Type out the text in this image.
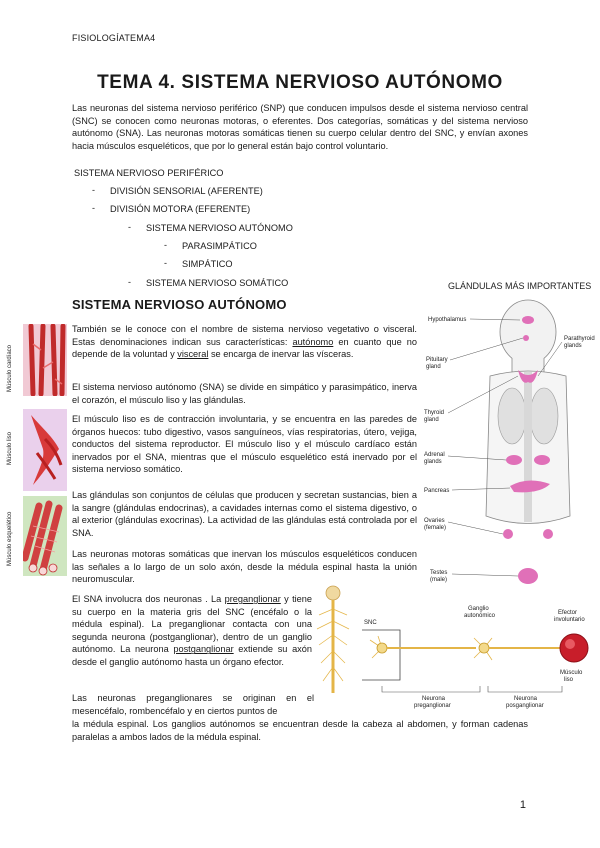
FISIOLOGÍATEMA4
TEMA 4. SISTEMA NERVIOSO AUTÓNOMO
Las neuronas del sistema nervioso periférico (SNP) que conducen impulsos desde el sistema nervioso central (SNC) se conocen como neuronas motoras, o eferentes. Dos categorías, somáticas y del sistema nervioso autónomo (SNA). Las neuronas motoras somáticas tienen su cuerpo celular dentro del SNC, y envían axones hacia músculos esqueléticos, que por lo general están bajo control voluntario.
SISTEMA NERVIOSO PERIFÉRICO
- DIVISIÓN SENSORIAL (AFERENTE)
- DIVISIÓN MOTORA (EFERENTE)
- SISTEMA NERVIOSO AUTÓNOMO
- PARASIMPÁTICO
- SIMPÁTICO
- SISTEMA NERVIOSO SOMÁTICO
SISTEMA NERVIOSO AUTÓNOMO
Músculo cardíaco
Músculo liso
Músculo esquelético
También se le conoce con el nombre de sistema nervioso vegetativo o visceral. Estas denominaciones indican sus características: autónomo en cuanto que no depende de la voluntad y visceral se encarga de inervar las vísceras.
El sistema nervioso autónomo (SNA) se divide en simpático y parasimpático, inerva el corazón, el músculo liso y las glándulas.
El músculo liso es de contracción involuntaria, y se encuentra en las paredes de órganos huecos: tubo digestivo, vasos sanguíneos, vías respiratorias, útero, vejiga, conductos del sistema reproductor. El músculo liso y el músculo cardíaco están inervados por el SNA, mientras que el músculo esquelético está inervado por el sistema nervioso somático.
Las glándulas son conjuntos de células que producen y secretan sustancias, bien a la sangre (glándulas endocrinas), a cavidades internas como el sistema digestivo, o al exterior (glándulas exocrinas). La actividad de las glándulas está controlada por el SNA.
Las neuronas motoras somáticas que inervan los músculos esqueléticos conducen las señales a lo largo de un solo axón, desde la médula espinal hasta la unión neuromuscular.
El SNA involucra dos neuronas . La preganglionar y tiene su cuerpo en la materia gris del SNC (encéfalo o la médula espinal). La preganglionar contacta con una segunda neurona (postganglionar), dentro de un ganglio autónomo. La neurona postganglionar extiende su axón desde el ganglio autónomo hasta un órgano efector.
Las neuronas preganglionares se originan en el mesencéfalo, rombencéfalo y en ciertos puntos de
la médula espinal. Los ganglios autónomos se encuentran desde la cabeza al abdomen, y forman cadenas paralelas a ambos lados de la médula espinal.
GLÁNDULAS MÁS IMPORTANTES
Hypothalamus
Parathyroid
glands
Pituitary
gland
Thyroid
gland
Adrenal
glands
Pancreas
Ovaries
(female)
Testes
(male)
SNC
Ganglio
autonómico	Efector
involuntario
Músculo
liso
Neurona
preganglionar
Neurona
posganglionar
1
